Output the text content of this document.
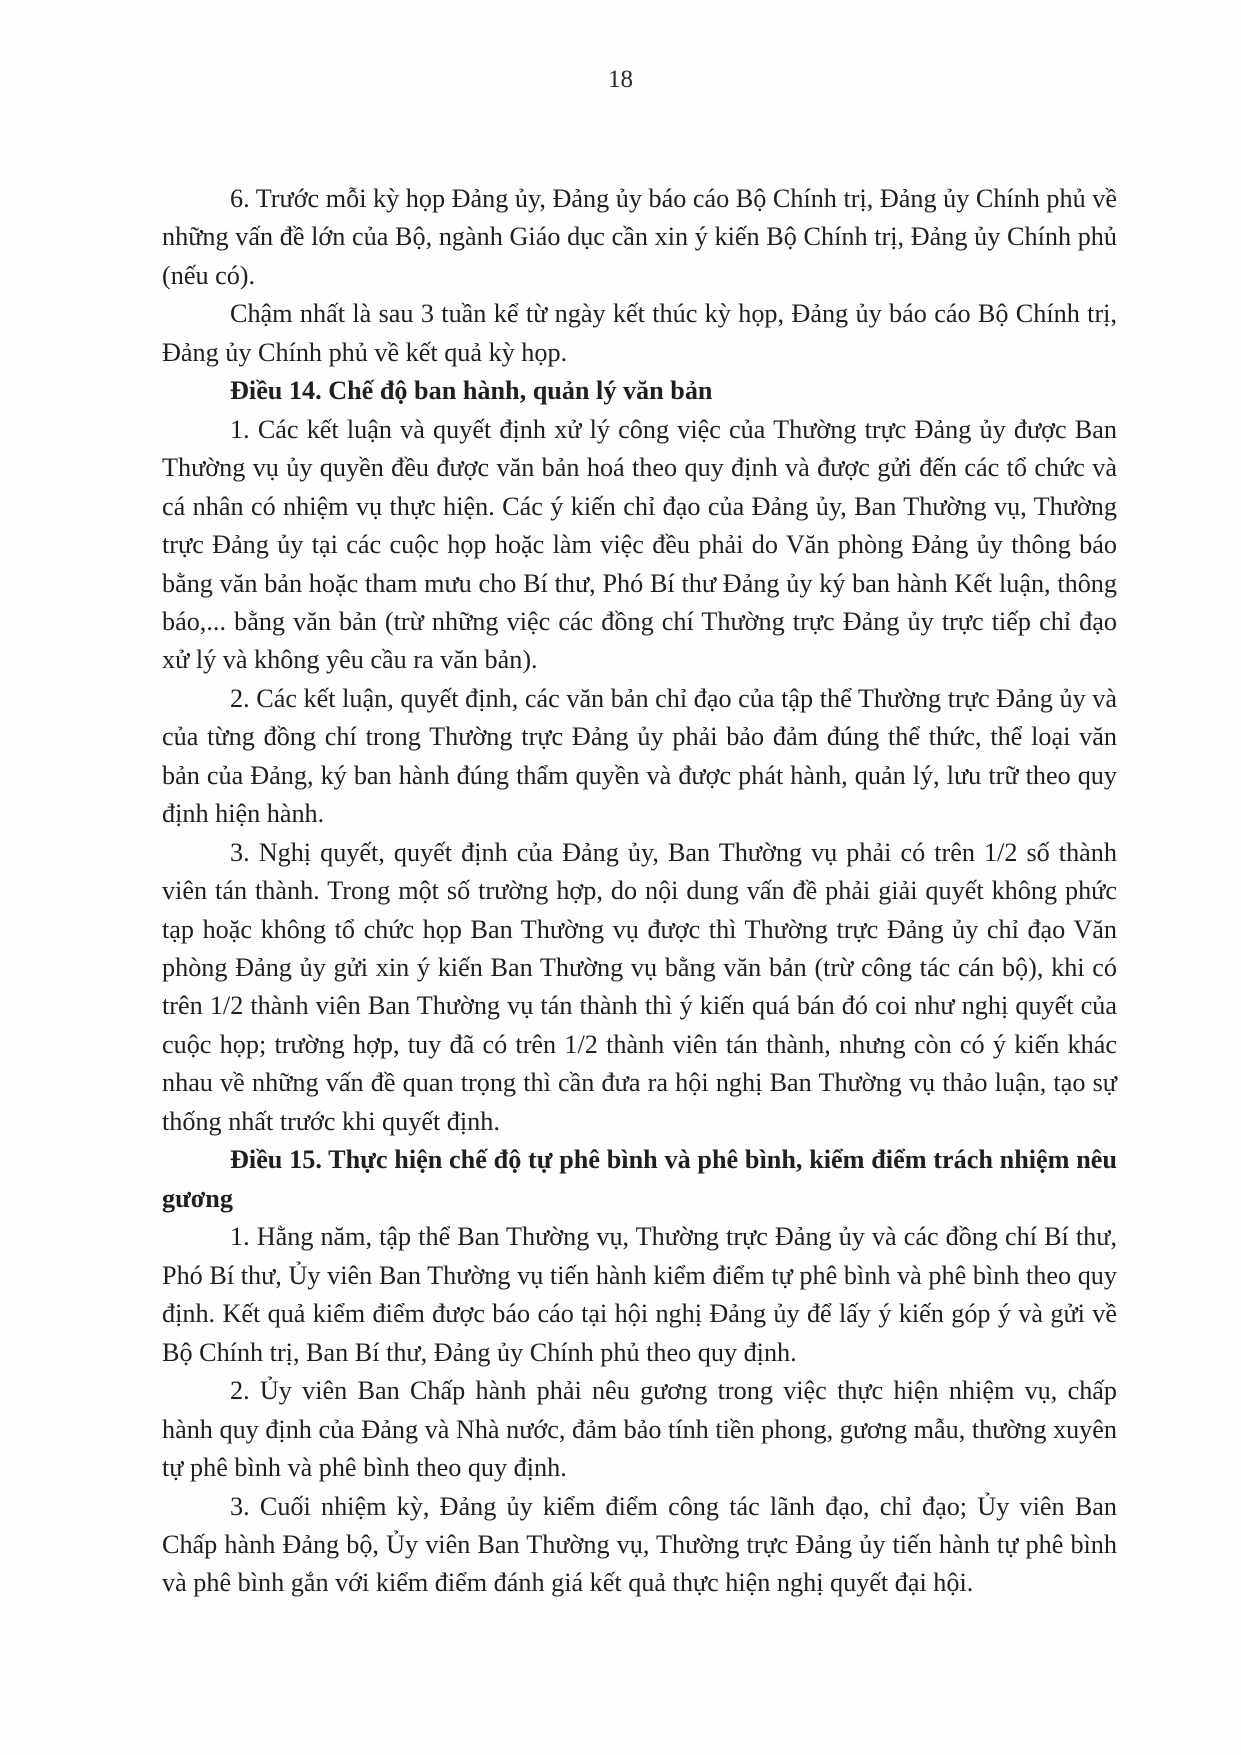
18

6. Trước mỗi kỳ họp Đảng ủy, Đảng ủy báo cáo Bộ Chính trị, Đảng ủy Chính phủ về những vấn đề lớn của Bộ, ngành Giáo dục cần xin ý kiến Bộ Chính trị, Đảng ủy Chính phủ (nếu có).

Chậm nhất là sau 3 tuần kể từ ngày kết thúc kỳ họp, Đảng ủy báo cáo Bộ Chính trị, Đảng ủy Chính phủ về kết quả kỳ họp.

Điều 14. Chế độ ban hành, quản lý văn bản

1. Các kết luận và quyết định xử lý công việc của Thường trực Đảng ủy được Ban Thường vụ ủy quyền đều được văn bản hoá theo quy định và được gửi đến các tổ chức và cá nhân có nhiệm vụ thực hiện. Các ý kiến chỉ đạo của Đảng ủy, Ban Thường vụ, Thường trực Đảng ủy tại các cuộc họp hoặc làm việc đều phải do Văn phòng Đảng ủy thông báo bằng văn bản hoặc tham mưu cho Bí thư, Phó Bí thư Đảng ủy ký ban hành Kết luận, thông báo,... bằng văn bản (trừ những việc các đồng chí Thường trực Đảng ủy trực tiếp chỉ đạo xử lý và không yêu cầu ra văn bản).

2. Các kết luận, quyết định, các văn bản chỉ đạo của tập thể Thường trực Đảng ủy và của từng đồng chí trong Thường trực Đảng ủy phải bảo đảm đúng thể thức, thể loại văn bản của Đảng, ký ban hành đúng thẩm quyền và được phát hành, quản lý, lưu trữ theo quy định hiện hành.

3. Nghị quyết, quyết định của Đảng ủy, Ban Thường vụ phải có trên 1/2 số thành viên tán thành. Trong một số trường hợp, do nội dung vấn đề phải giải quyết không phức tạp hoặc không tổ chức họp Ban Thường vụ được thì Thường trực Đảng ủy chỉ đạo Văn phòng Đảng ủy gửi xin ý kiến Ban Thường vụ bằng văn bản (trừ công tác cán bộ), khi có trên 1/2 thành viên Ban Thường vụ tán thành thì ý kiến quá bán đó coi như nghị quyết của cuộc họp; trường hợp, tuy đã có trên 1/2 thành viên tán thành, nhưng còn có ý kiến khác nhau về những vấn đề quan trọng thì cần đưa ra hội nghị Ban Thường vụ thảo luận, tạo sự thống nhất trước khi quyết định.

Điều 15. Thực hiện chế độ tự phê bình và phê bình, kiểm điểm trách nhiệm nêu gương

1. Hằng năm, tập thể Ban Thường vụ, Thường trực Đảng ủy và các đồng chí Bí thư, Phó Bí thư, Ủy viên Ban Thường vụ tiến hành kiểm điểm tự phê bình và phê bình theo quy định. Kết quả kiểm điểm được báo cáo tại hội nghị Đảng ủy để lấy ý kiến góp ý và gửi về Bộ Chính trị, Ban Bí thư, Đảng ủy Chính phủ theo quy định.

2. Ủy viên Ban Chấp hành phải nêu gương trong việc thực hiện nhiệm vụ, chấp hành quy định của Đảng và Nhà nước, đảm bảo tính tiền phong, gương mẫu, thường xuyên tự phê bình và phê bình theo quy định.

3. Cuối nhiệm kỳ, Đảng ủy kiểm điểm công tác lãnh đạo, chỉ đạo; Ủy viên Ban Chấp hành Đảng bộ, Ủy viên Ban Thường vụ, Thường trực Đảng ủy tiến hành tự phê bình và phê bình gắn với kiểm điểm đánh giá kết quả thực hiện nghị quyết đại hội.
